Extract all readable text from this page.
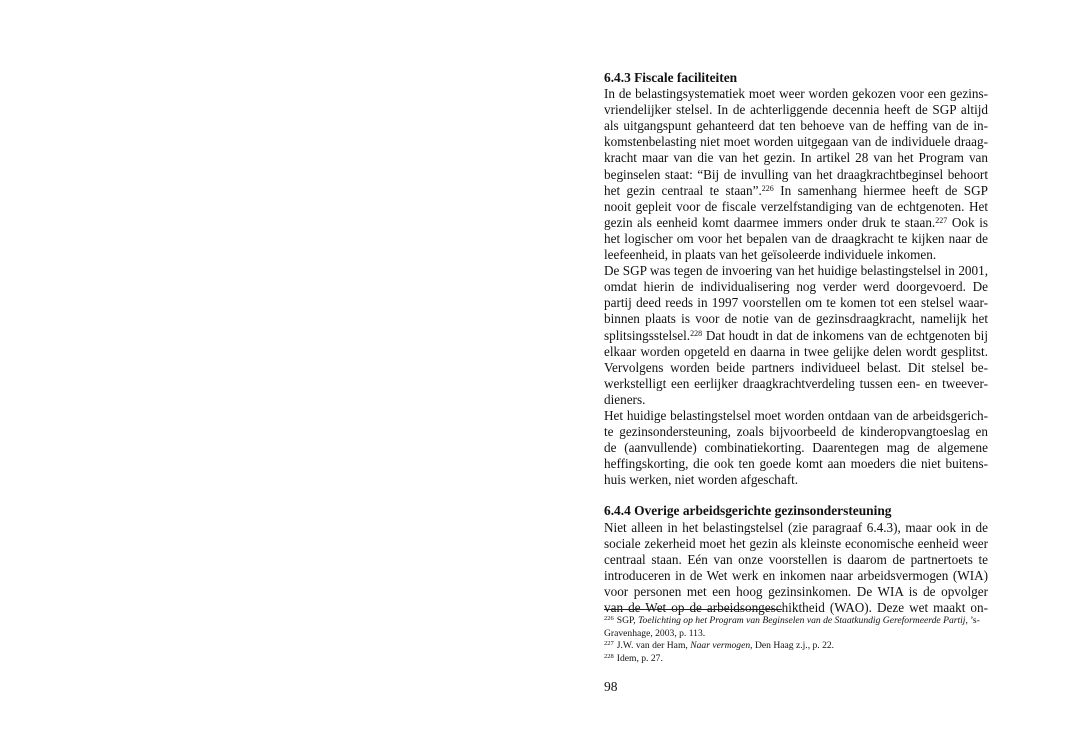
6.4.3 Fiscale faciliteiten

In de belastingsystematiek moet weer worden gekozen voor een gezins-
vriendelijker stelsel. In de achterliggende decennia heeft de SGP altijd
als uitgangspunt gehanteerd dat ten behoeve van de heffing van de in-
komstenbelasting niet moet worden uitgegaan van de individuele draag-
kracht maar van die van het gezin. In artikel 28 van het Program van
beginselen staat: “Bij de invulling van het draagkrachtbeginsel behoort
het gezin centraal te staan”.$^{226}$ In samenhang hiermee heeft de SGP
nooit gepleit voor de fiscale verzelfstandiging van de echtgenoten. Het
gezin als eenheid komt daarmee immers onder druk te staan.$^{227}$ Ook is
het logischer om voor het bepalen van de draagkracht te kijken naar de
leefeenheid, in plaats van het geïsoleerde individuele inkomen.

De SGP was tegen de invoering van het huidige belastingstelsel in 2001,
omdat hierin de individualisering nog verder werd doorgevoerd. De
partij deed reeds in 1997 voorstellen om te komen tot een stelsel waar-
binnen plaats is voor de notie van de gezinsdraagkracht, namelijk het
splitsingsstelsel.$^{228}$ Dat houdt in dat de inkomens van de echtgenoten bij
elkaar worden opgeteld en daarna in twee gelijke delen wordt gesplitst.
Vervolgens worden beide partners individueel belast. Dit stelsel be-
werkstelligt een eerlijker draagkrachtverdeling tussen een- en tweever-
dieners.

Het huidige belastingstelsel moet worden ontdaan van de arbeidsgerich-
te gezinsondersteuning, zoals bijvoorbeeld de kinderopvangtoeslag en
de (aanvullende) combinatiekorting. Daarentegen mag de algemene
heffingskorting, die ook ten goede komt aan moeders die niet buitens-
huis werken, niet worden afgeschaft.

6.4.4 Overige arbeidsgerichte gezinsondersteuning

Niet alleen in het belastingstelsel (zie paragraaf 6.4.3), maar ook in de
sociale zekerheid moet het gezin als kleinste economische eenheid weer
centraal staan. Eén van onze voorstellen is daarom de partnertoets te
introduceren in de Wet werk en inkomen naar arbeidsvermogen (WIA)
voor personen met een hoog gezinsinkomen. De WIA is de opvolger
van de Wet op de arbeidsongeschiktheid (WAO). Deze wet maakt on-

$^{226}$ SGP, Toelichting op het Program van Beginselen van de Staatkundig Gereformeerde Partij, ’s-
Gravenhage, 2003, p. 113.
$^{227}$ J.W. van der Ham, Naar vermogen, Den Haag z.j., p. 22.
$^{228}$ Idem, p. 27.
98
